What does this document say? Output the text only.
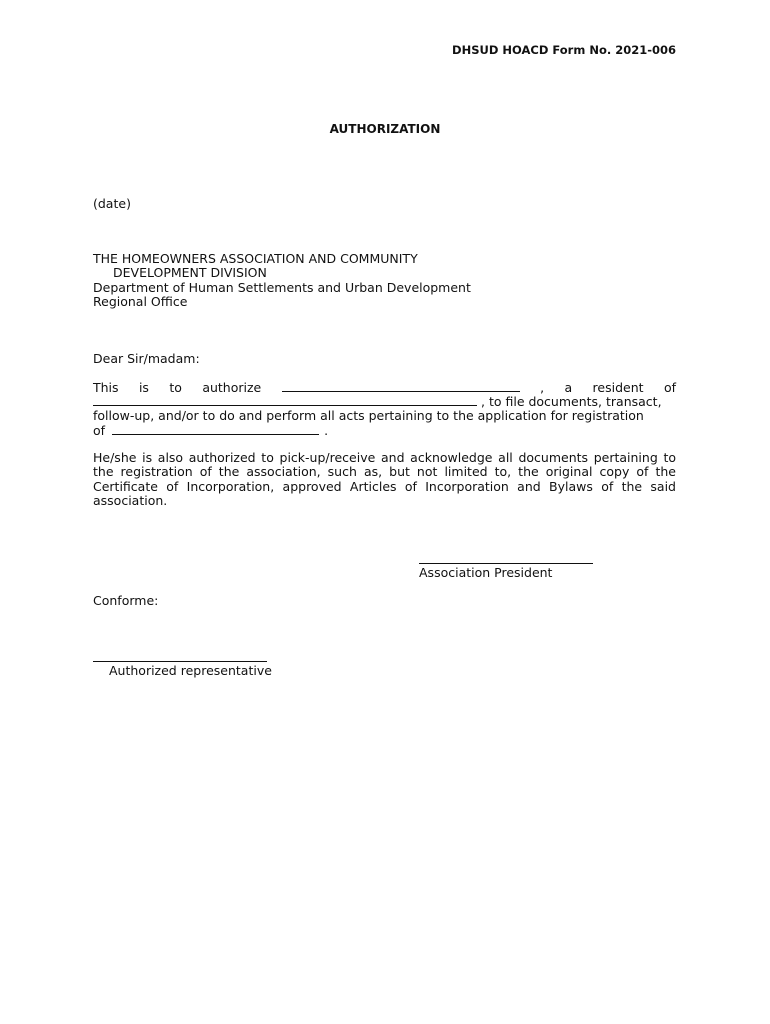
DHSUD HOACD Form No. 2021-006
AUTHORIZATION
(date)
THE HOMEOWNERS ASSOCIATION AND COMMUNITY
DEVELOPMENT DIVISION
Department of Human Settlements and Urban Development
Regional Office
Dear Sir/madam:
This is to authorize	, a resident of
, to file documents, transact,
follow-up, and/or to do and perform all acts pertaining to the application for registration
of	.
He/she is also authorized to pick-up/receive and acknowledge all documents pertaining to the registration of the association, such as, but not limited to, the original copy of the Certificate of Incorporation, approved Articles of Incorporation and Bylaws of the said association.
Association President
Conforme:
Authorized representative
